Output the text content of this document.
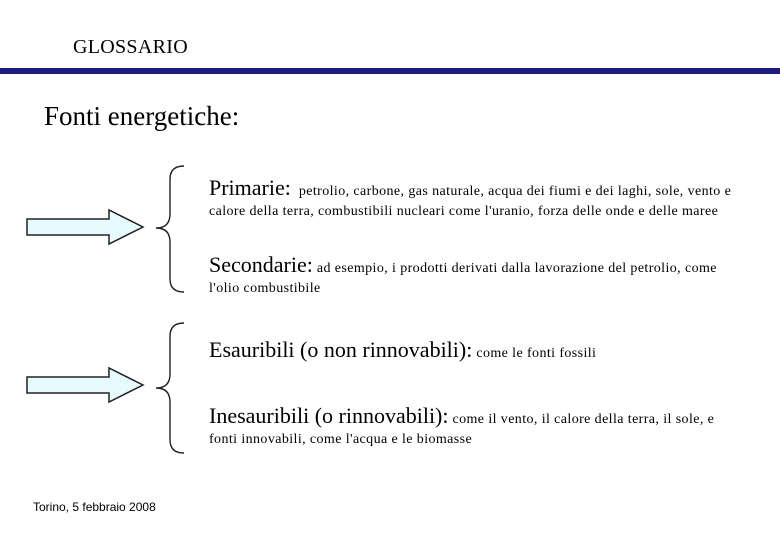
GLOSSARIO
Fonti energetiche:
Primarie: petrolio, carbone, gas naturale, acqua dei fiumi e dei laghi, sole, vento e calore della terra, combustibili nucleari come l'uranio, forza delle onde e delle maree
Secondarie: ad esempio, i prodotti derivati dalla lavorazione del petrolio, come l'olio combustibile
Esauribili (o non rinnovabili): come le fonti fossili
Inesauribili (o rinnovabili): come il vento, il calore della terra, il sole, e fonti innovabili, come l'acqua e le biomasse
Torino, 5 febbraio 2008
